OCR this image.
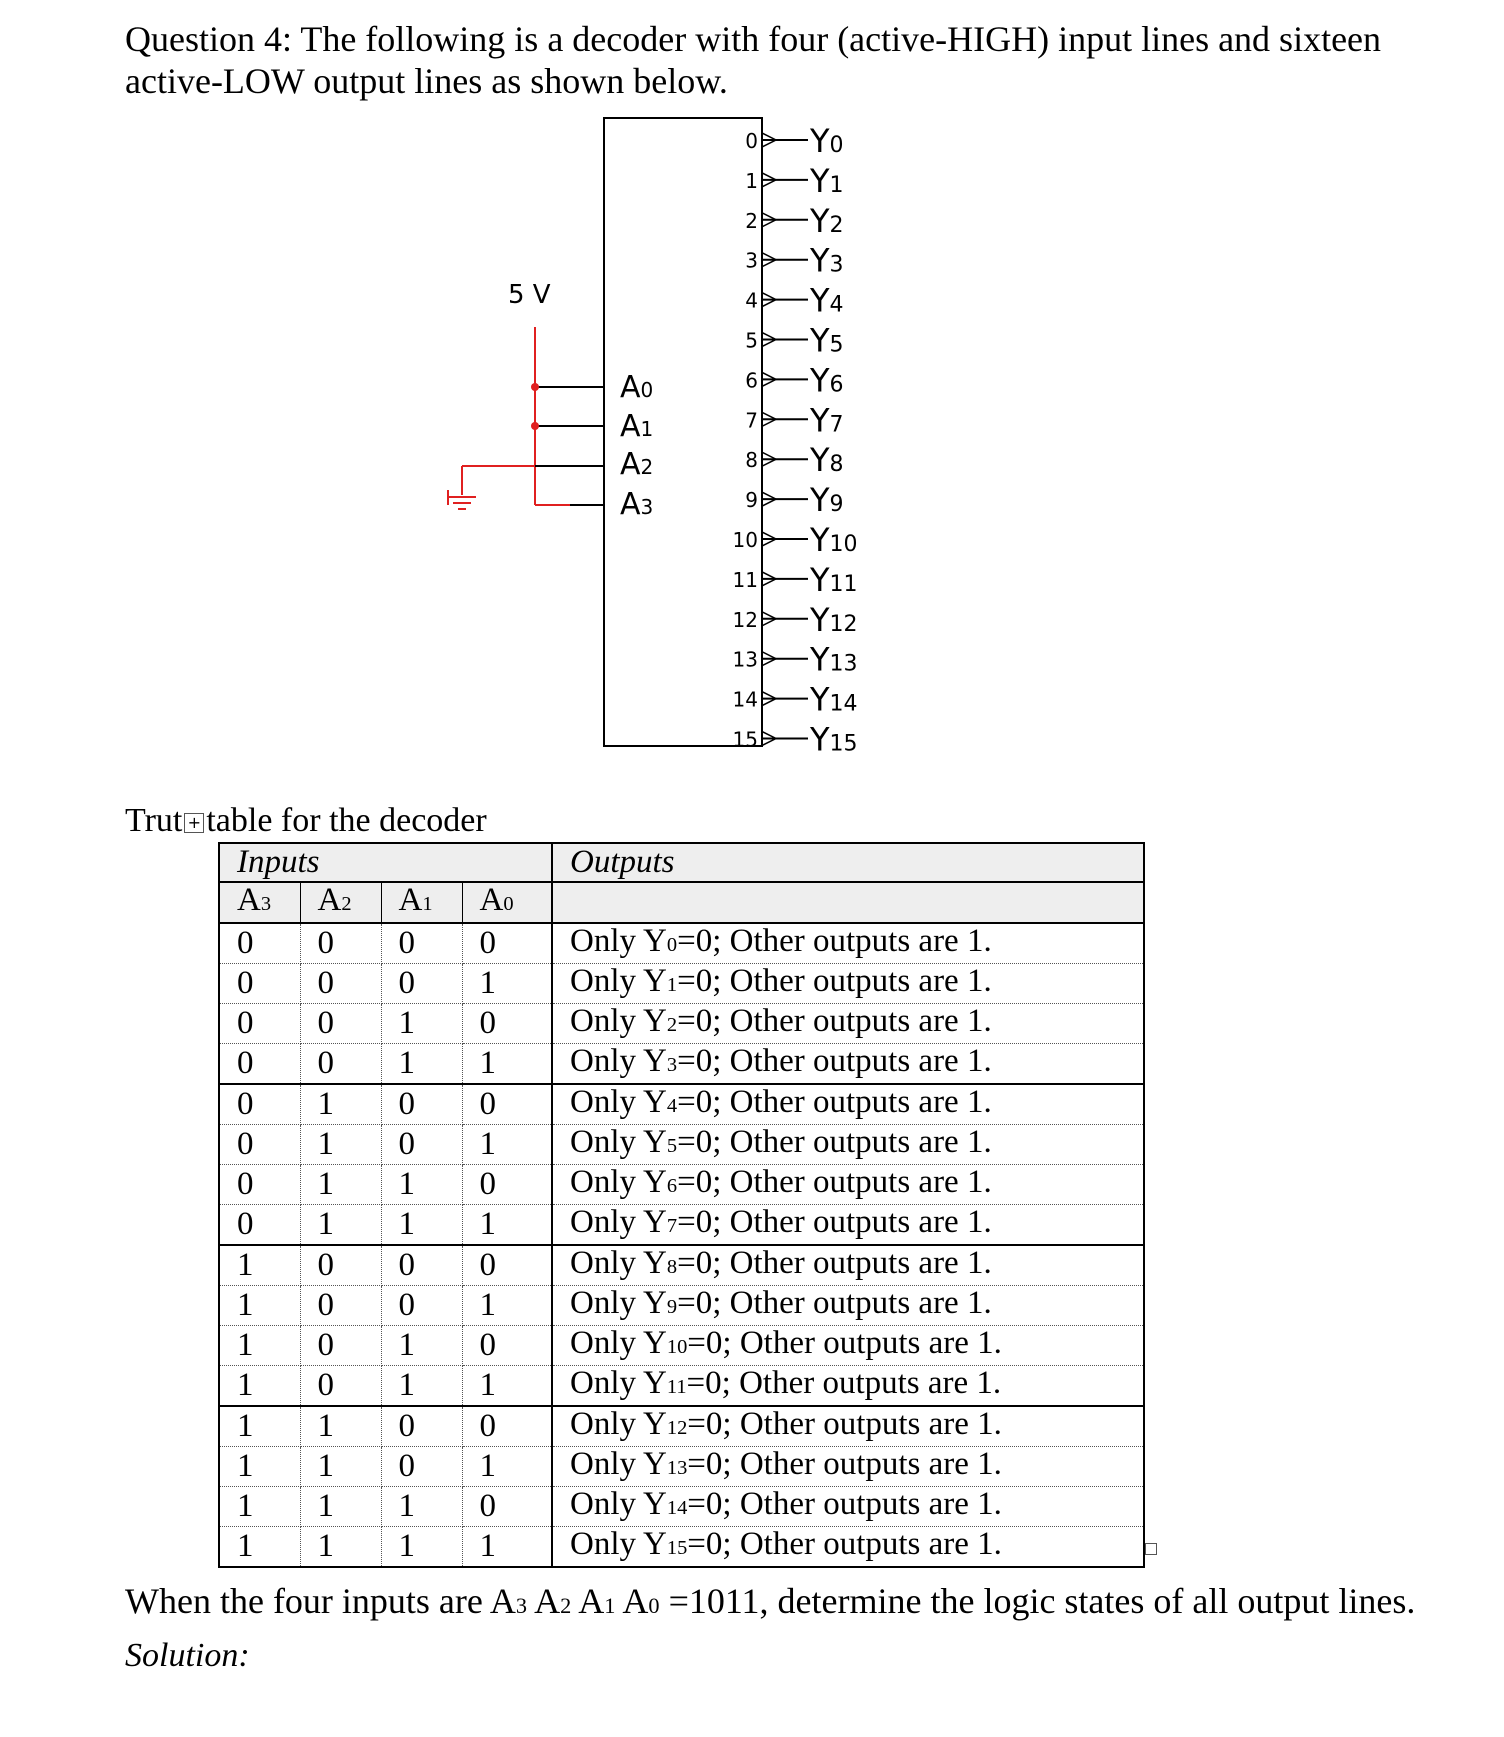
Question 4: The following is a decoder with four (active-HIGH) input lines and sixteen
active-LOW output lines as shown below.
5 V
A0
A1
A2
A3
0 Y0
1 Y1
2 Y2
3 Y3
4 Y4
5 Y5
6 Y6
7 Y7
8 Y8
9 Y9
10 Y10
11 Y11
12 Y12
13 Y13
14 Y14
15 Y15
Trut + table for the decoder
Inputs				Outputs
A3	A2	A1	A0	
0	0	0	0	Only Y0=0; Other outputs are 1.
0	0	0	1	Only Y1=0; Other outputs are 1.
0	0	1	0	Only Y2=0; Other outputs are 1.
0	0	1	1	Only Y3=0; Other outputs are 1.
0	1	0	0	Only Y4=0; Other outputs are 1.
0	1	0	1	Only Y5=0; Other outputs are 1.
0	1	1	0	Only Y6=0; Other outputs are 1.
0	1	1	1	Only Y7=0; Other outputs are 1.
1	0	0	0	Only Y8=0; Other outputs are 1.
1	0	0	1	Only Y9=0; Other outputs are 1.
1	0	1	0	Only Y10=0; Other outputs are 1.
1	0	1	1	Only Y11=0; Other outputs are 1.
1	1	0	0	Only Y12=0; Other outputs are 1.
1	1	0	1	Only Y13=0; Other outputs are 1.
1	1	1	0	Only Y14=0; Other outputs are 1.
1	1	1	1	Only Y15=0; Other outputs are 1.
When the four inputs are A3 A2 A1 A0 =1011, determine the logic states of all output lines.
Solution:
